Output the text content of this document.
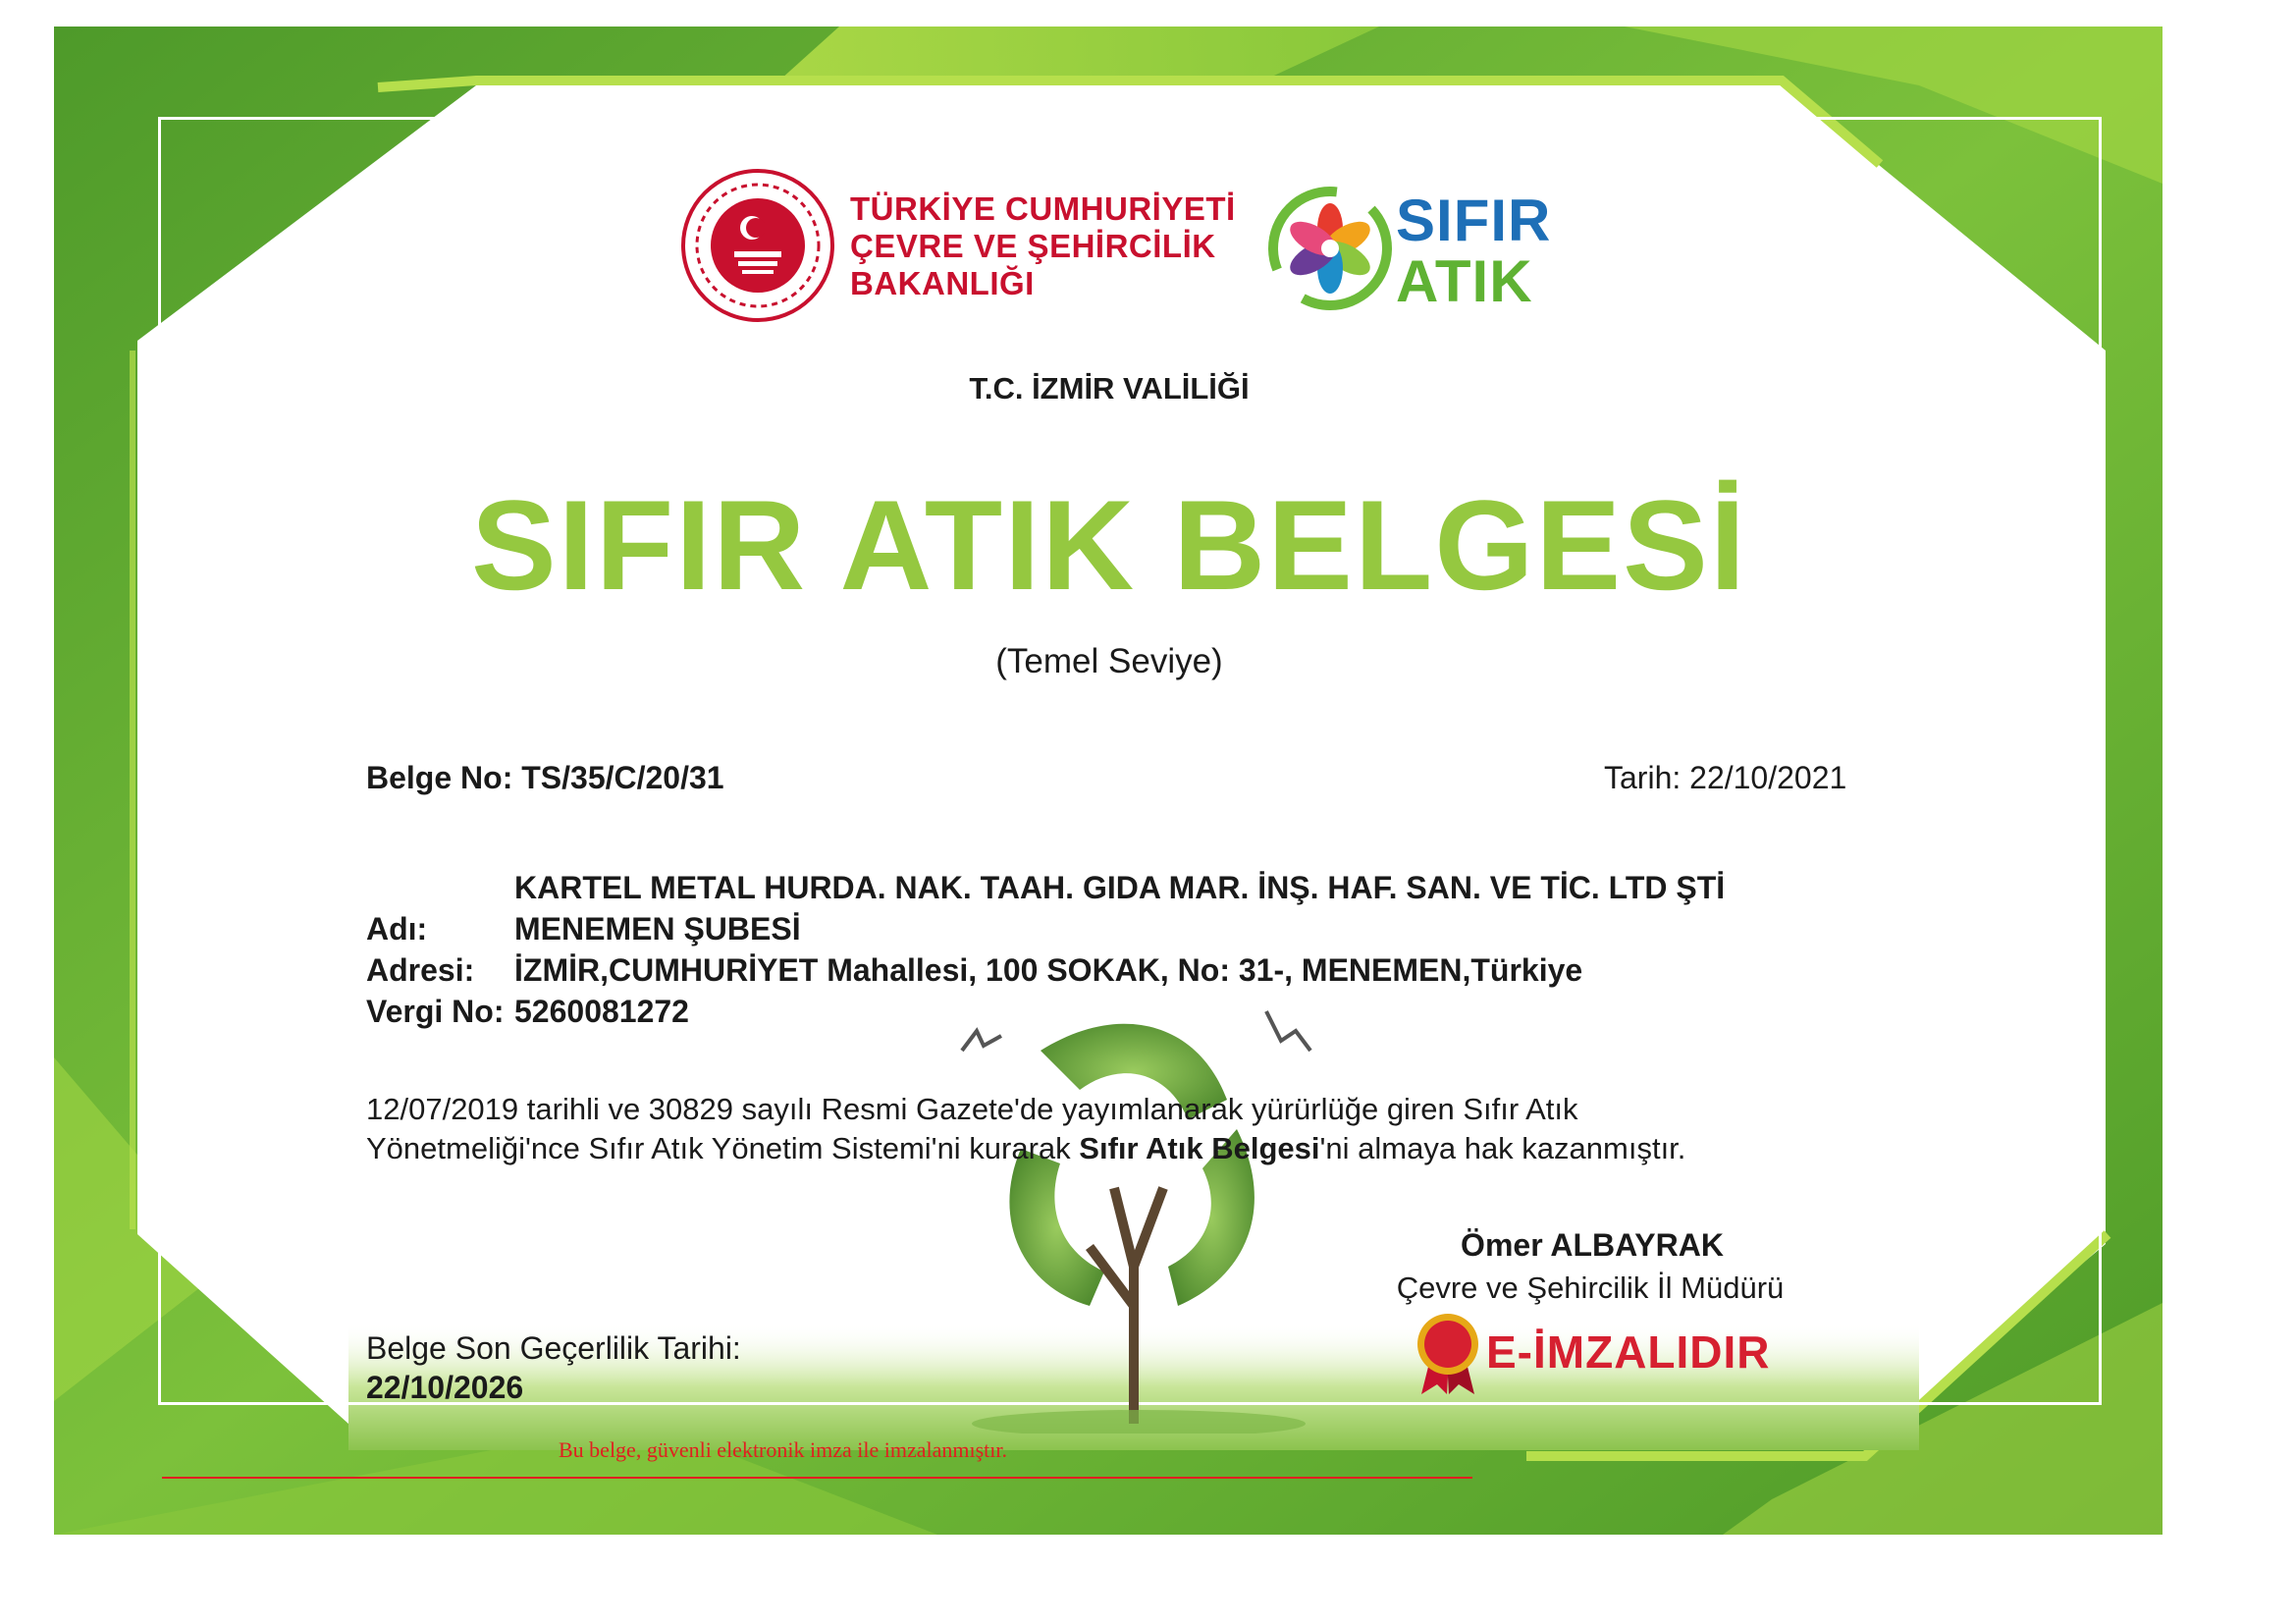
TÜRKİYE CUMHURİYETİ
ÇEVRE VE ŞEHİRCİLİK
BAKANLIĞI
SIFIR
ATIK
T.C. İZMİR VALİLİĞİ
SIFIR ATIK BELGESİ
(Temel Seviye)
Belge No: TS/35/C/20/31	Tarih: 22/10/2021
KARTEL METAL HURDA. NAK. TAAH. GIDA MAR. İNŞ. HAF. SAN. VE TİC. LTD ŞTİ
Adı:	MENEMEN ŞUBESİ
Adresi: İZMİR,CUMHURİYET Mahallesi, 100 SOKAK, No: 31-, MENEMEN,Türkiye
Vergi No: 5260081272
12/07/2019 tarihli ve 30829 sayılı Resmi Gazete'de yayımlanarak yürürlüğe giren Sıfır Atık
Yönetmeliği'nce Sıfır Atık Yönetim Sistemi'ni kurarak Sıfır Atık Belgesi'ni almaya hak kazanmıştır.
Ömer ALBAYRAK
Çevre ve Şehircilik İl Müdürü
E-İMZALIDIR
Belge Son Geçerlilik Tarihi:
22/10/2026
Bu belge, güvenli elektronik imza ile imzalanmıştır.
